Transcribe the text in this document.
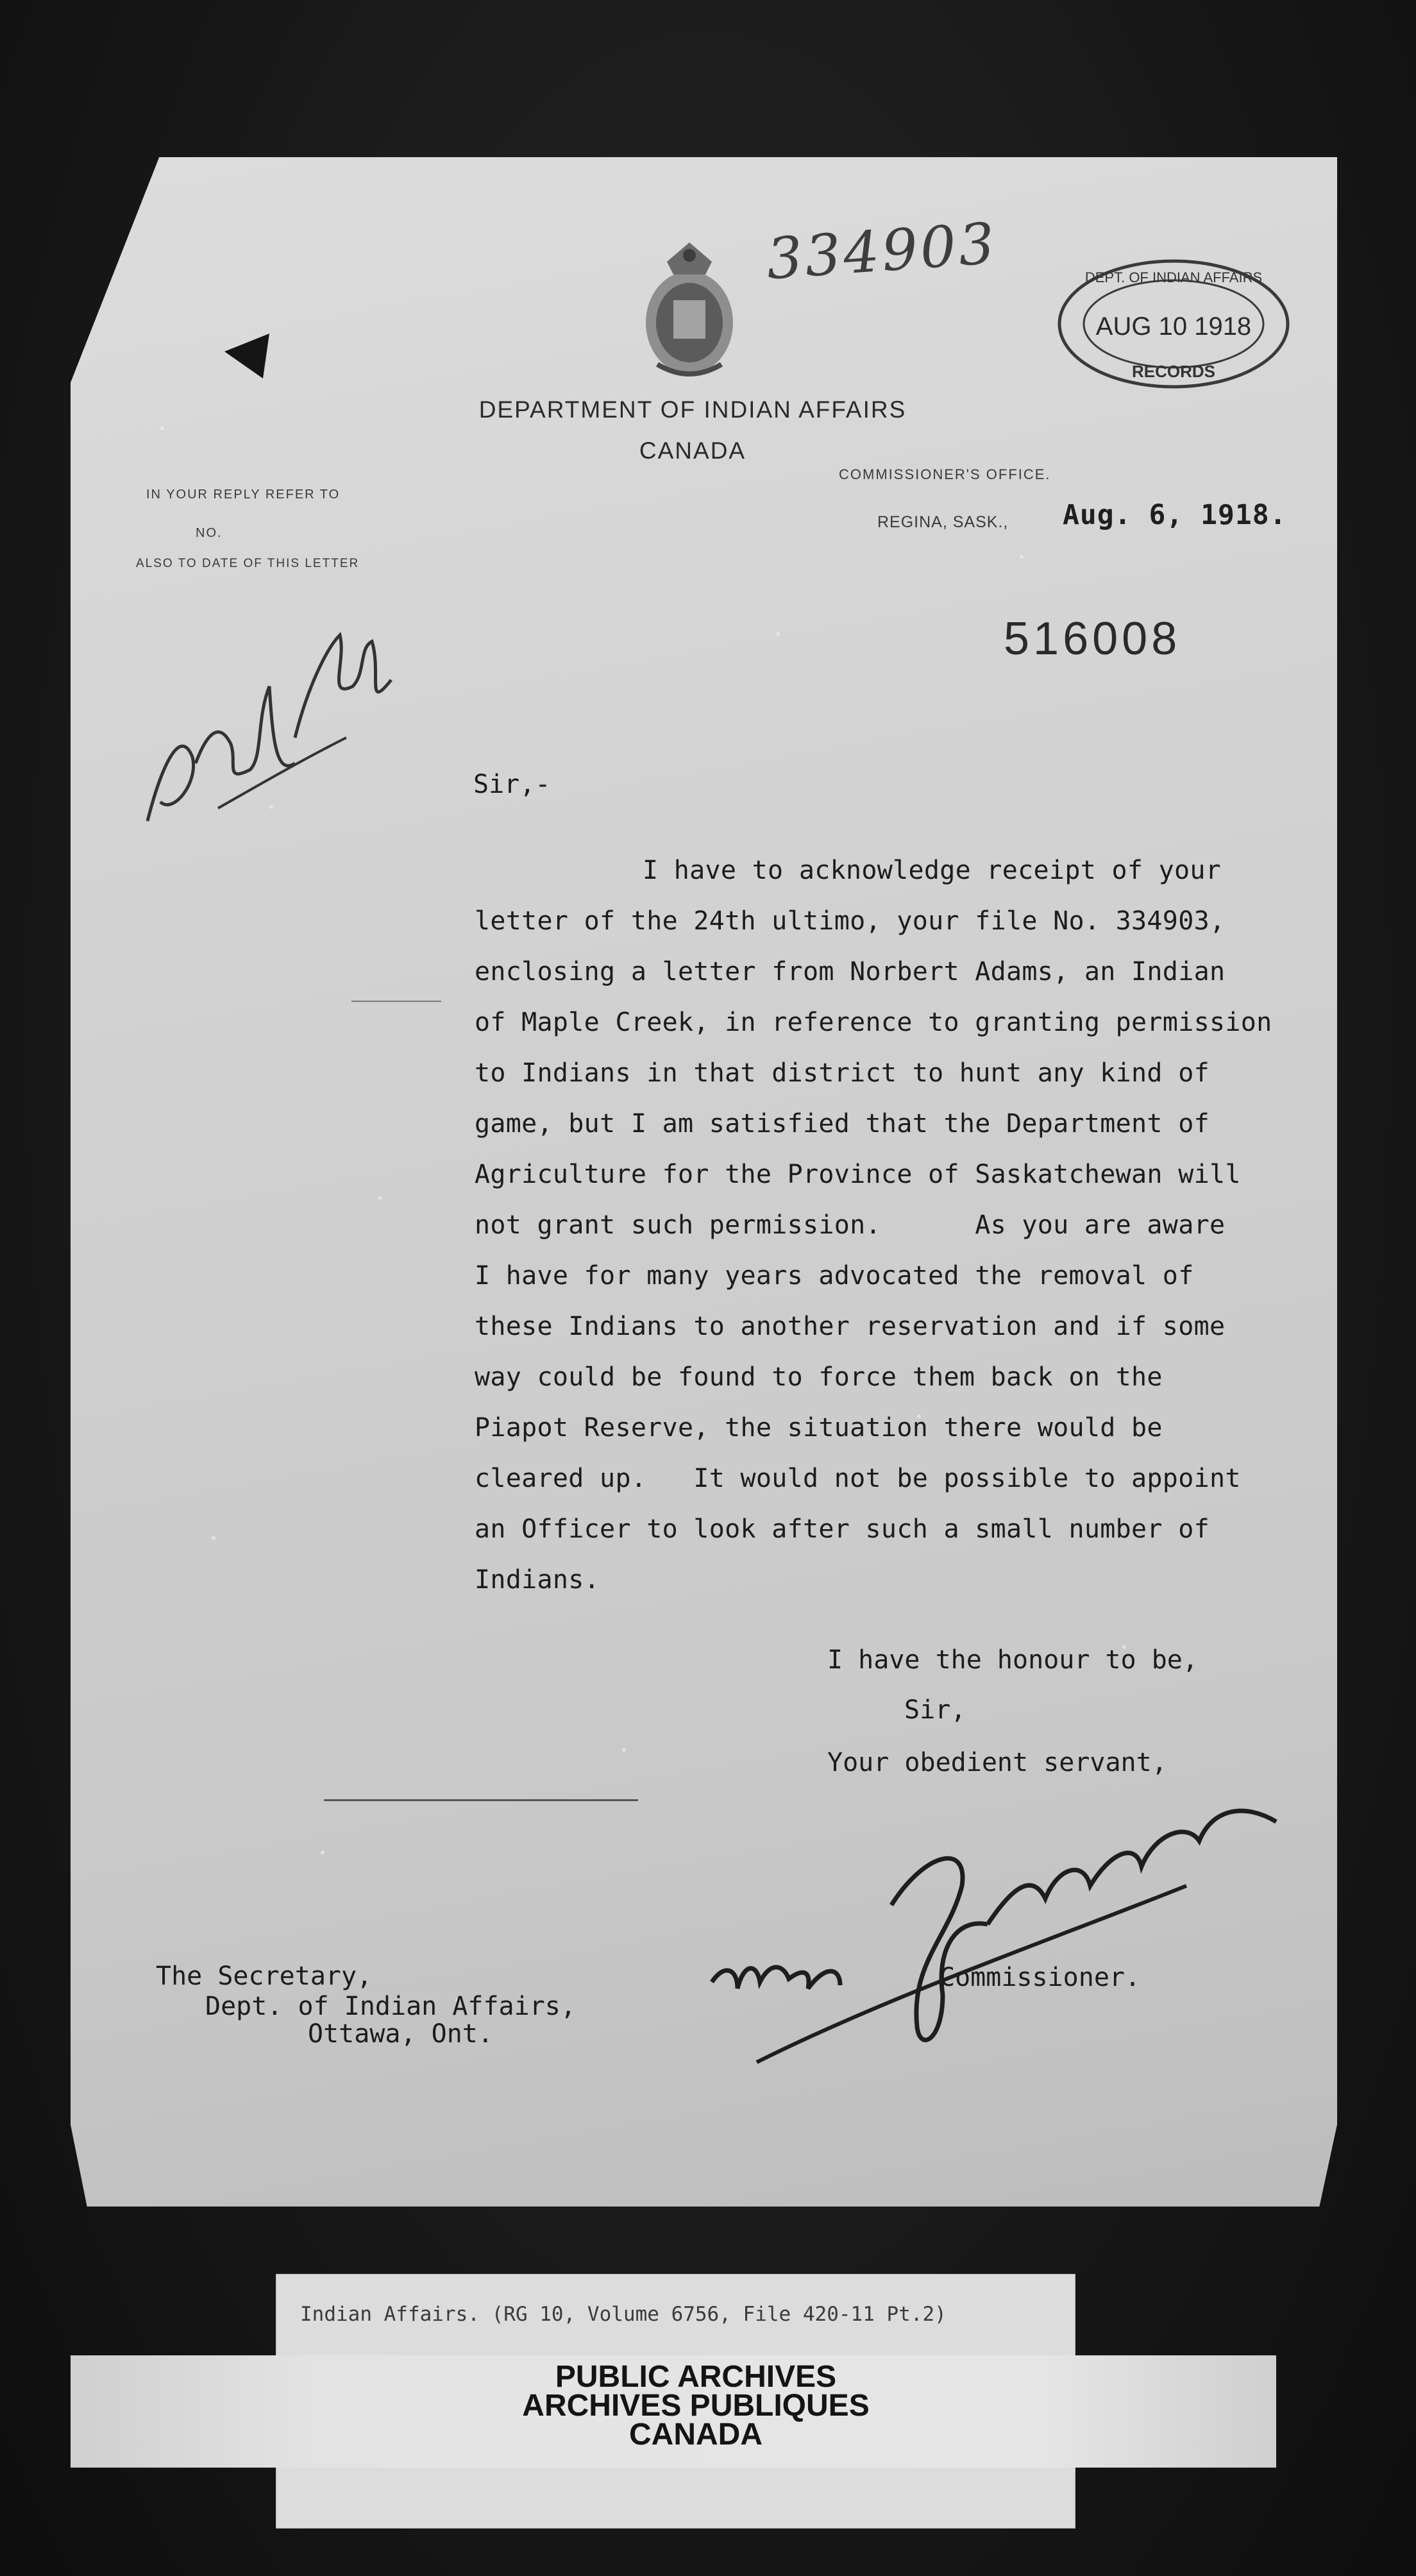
334903	DEPT. OF INDIAN AFFAIRS
AUG 10 1918
RECORDS
DEPARTMENT OF INDIAN AFFAIRS
CANADA
IN YOUR REPLY REFER TO
NO.
ALSO TO DATE OF THIS LETTER
COMMISSIONER'S OFFICE.
REGINA, SASK., Aug. 6, 1918.
516008
Sir,-
I have to acknowledge receipt of your
letter of the 24th ultimo, your file No. 334903,
enclosing a letter from Norbert Adams, an Indian
of Maple Creek, in reference to granting permission
to Indians in that district to hunt any kind of
game, but I am satisfied that the Department of
Agriculture for the Province of Saskatchewan will
not grant such permission.      As you are aware
I have for many years advocated the removal of
these Indians to another reservation and if some
way could be found to force them back on the
Piapot Reserve, the situation there would be
cleared up.   It would not be possible to appoint
an Officer to look after such a small number of
Indians.
I have the honour to be,
Sir,
Your obedient servant,
Commissioner.
The Secretary,
Dept. of Indian Affairs,
Ottawa, Ont.
Indian Affairs. (RG 10, Volume 6756, File 420-11 Pt.2)
PUBLIC ARCHIVES
ARCHIVES PUBLIQUES
CANADA
